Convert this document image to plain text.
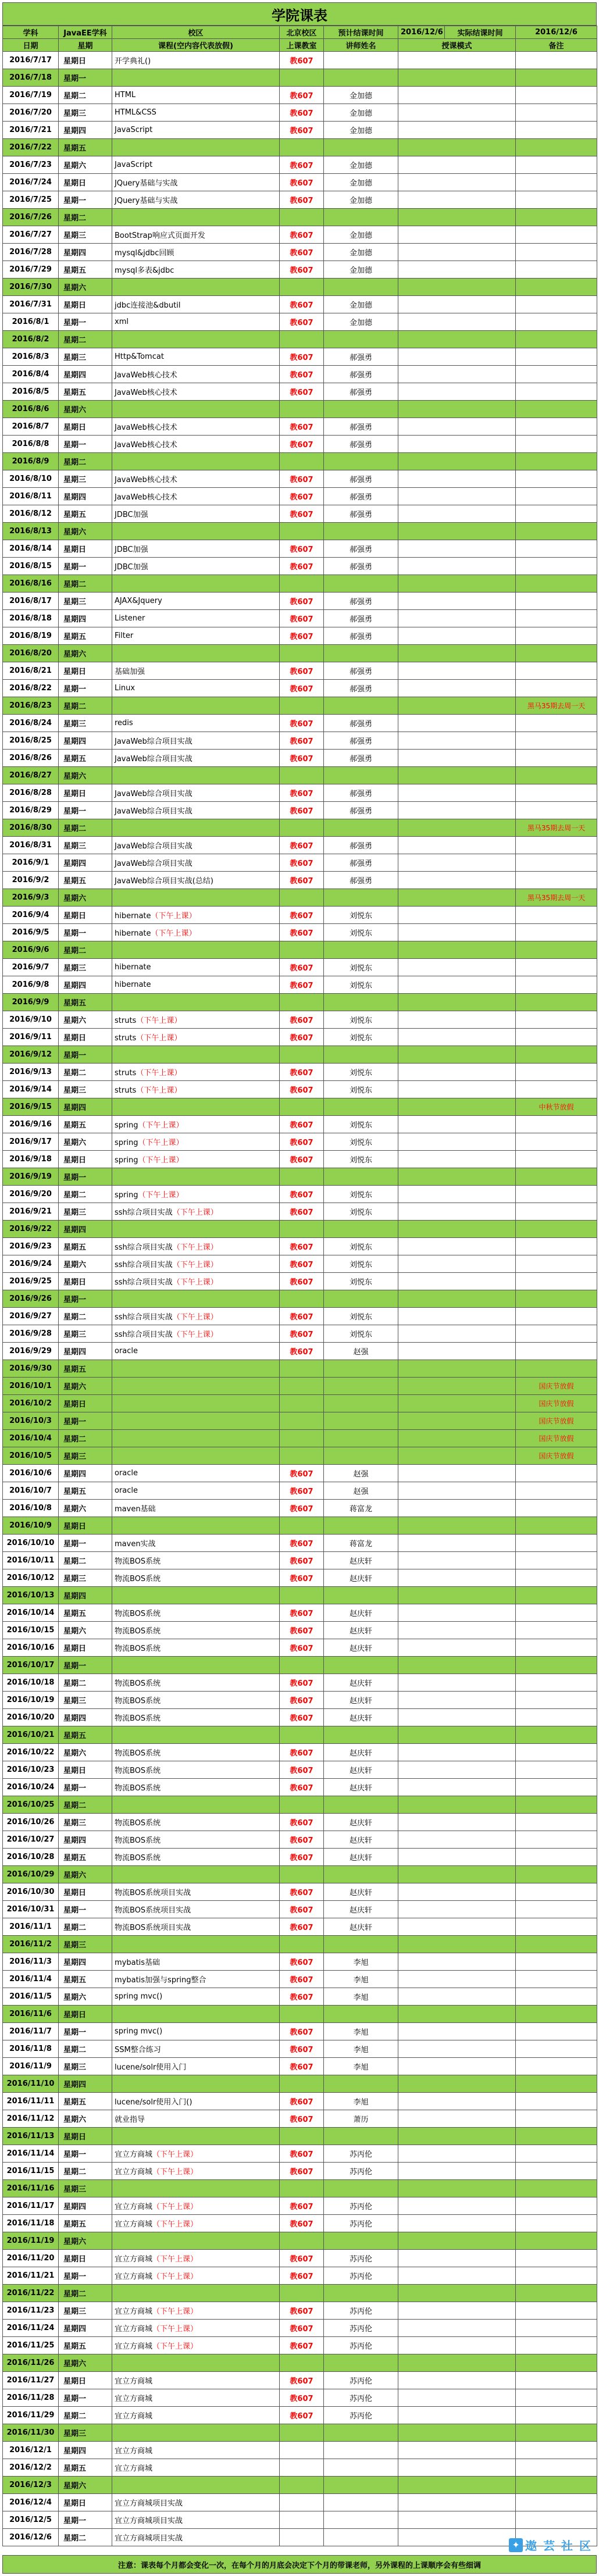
学院课表
学科	JavaEE学科	校区	北京校区	预计结课时间	2016/12/6	实际结课时间	2016/12/6
日期	星期	课程(空内容代表放假)	上课教室	讲师姓名	授课模式		备注
2016/7/17	星期日	开学典礼()	教607			
2016/7/18	星期一					
2016/7/19	星期二	HTML	教607	金加德		
2016/7/20	星期三	HTML&CSS	教607	金加德		
2016/7/21	星期四	JavaScript	教607	金加德		
2016/7/22	星期五					
2016/7/23	星期六	JavaScript	教607	金加德		
2016/7/24	星期日	JQuery基础与实战	教607	金加德		
2016/7/25	星期一	JQuery基础与实战	教607	金加德		
2016/7/26	星期二					
2016/7/27	星期三	BootStrap响应式页面开发	教607	金加德		
2016/7/28	星期四	mysql&jdbc回顾	教607	金加德		
2016/7/29	星期五	mysql多表&jdbc	教607	金加德		
2016/7/30	星期六					
2016/7/31	星期日	jdbc连接池&dbutil	教607	金加德		
2016/8/1	星期一	xml	教607	金加德		
2016/8/2	星期二					
2016/8/3	星期三	Http&Tomcat	教607	郝强勇		
2016/8/4	星期四	JavaWeb核心技术	教607	郝强勇		
2016/8/5	星期五	JavaWeb核心技术	教607	郝强勇		
2016/8/6	星期六					
2016/8/7	星期日	JavaWeb核心技术	教607	郝强勇		
2016/8/8	星期一	JavaWeb核心技术	教607	郝强勇		
2016/8/9	星期二					
2016/8/10	星期三	JavaWeb核心技术	教607	郝强勇		
2016/8/11	星期四	JavaWeb核心技术	教607	郝强勇		
2016/8/12	星期五	JDBC加强	教607	郝强勇		
2016/8/13	星期六					
2016/8/14	星期日	JDBC加强	教607	郝强勇		
2016/8/15	星期一	JDBC加强	教607	郝强勇		
2016/8/16	星期二					
2016/8/17	星期三	AJAX&Jquery	教607	郝强勇		
2016/8/18	星期四	Listener	教607	郝强勇		
2016/8/19	星期五	Filter	教607	郝强勇		
2016/8/20	星期六					
2016/8/21	星期日	基础加强	教607	郝强勇		
2016/8/22	星期一	Linux	教607	郝强勇		
2016/8/23	星期二					黑马35期去周一天
2016/8/24	星期三	redis	教607	郝强勇		
2016/8/25	星期四	JavaWeb综合项目实战	教607	郝强勇		
2016/8/26	星期五	JavaWeb综合项目实战	教607	郝强勇		
2016/8/27	星期六					
2016/8/28	星期日	JavaWeb综合项目实战	教607	郝强勇		
2016/8/29	星期一	JavaWeb综合项目实战	教607	郝强勇		
2016/8/30	星期二					黑马35期去周一天
2016/8/31	星期三	JavaWeb综合项目实战	教607	郝强勇		
2016/9/1	星期四	JavaWeb综合项目实战	教607	郝强勇		
2016/9/2	星期五	JavaWeb综合项目实战(总结)	教607	郝强勇		
2016/9/3	星期六					黑马35期去周一天
2016/9/4	星期日	hibernate（下午上课）	教607	刘悦东		
2016/9/5	星期一	hibernate（下午上课）	教607	刘悦东		
2016/9/6	星期二					
2016/9/7	星期三	hibernate	教607	刘悦东		
2016/9/8	星期四	hibernate	教607	刘悦东		
2016/9/9	星期五					
2016/9/10	星期六	struts（下午上课）	教607	刘悦东		
2016/9/11	星期日	struts（下午上课）	教607	刘悦东		
2016/9/12	星期一					
2016/9/13	星期二	struts（下午上课）	教607	刘悦东		
2016/9/14	星期三	struts（下午上课）	教607	刘悦东		
2016/9/15	星期四					中秋节放假
2016/9/16	星期五	spring（下午上课）	教607	刘悦东		
2016/9/17	星期六	spring（下午上课）	教607	刘悦东		
2016/9/18	星期日	spring（下午上课）	教607	刘悦东		
2016/9/19	星期一					
2016/9/20	星期二	spring（下午上课）	教607	刘悦东		
2016/9/21	星期三	ssh综合项目实战（下午上课）	教607	刘悦东		
2016/9/22	星期四					
2016/9/23	星期五	ssh综合项目实战（下午上课）	教607	刘悦东		
2016/9/24	星期六	ssh综合项目实战（下午上课）	教607	刘悦东		
2016/9/25	星期日	ssh综合项目实战（下午上课）	教607	刘悦东		
2016/9/26	星期一					
2016/9/27	星期二	ssh综合项目实战（下午上课）	教607	刘悦东		
2016/9/28	星期三	ssh综合项目实战（下午上课）	教607	刘悦东		
2016/9/29	星期四	oracle	教607	赵强		
2016/9/30	星期五					
2016/10/1	星期六					国庆节放假
2016/10/2	星期日					国庆节放假
2016/10/3	星期一					国庆节放假
2016/10/4	星期二					国庆节放假
2016/10/5	星期三					国庆节放假
2016/10/6	星期四	oracle	教607	赵强		
2016/10/7	星期五	oracle	教607	赵强		
2016/10/8	星期六	maven基础	教607	蒋富龙		
2016/10/9	星期日					
2016/10/10	星期一	maven实战	教607	蒋富龙		
2016/10/11	星期二	物流BOS系统	教607	赵庆轩		
2016/10/12	星期三	物流BOS系统	教607	赵庆轩		
2016/10/13	星期四					
2016/10/14	星期五	物流BOS系统	教607	赵庆轩		
2016/10/15	星期六	物流BOS系统	教607	赵庆轩		
2016/10/16	星期日	物流BOS系统	教607	赵庆轩		
2016/10/17	星期一					
2016/10/18	星期二	物流BOS系统	教607	赵庆轩		
2016/10/19	星期三	物流BOS系统	教607	赵庆轩		
2016/10/20	星期四	物流BOS系统	教607	赵庆轩		
2016/10/21	星期五					
2016/10/22	星期六	物流BOS系统	教607	赵庆轩		
2016/10/23	星期日	物流BOS系统	教607	赵庆轩		
2016/10/24	星期一	物流BOS系统	教607	赵庆轩		
2016/10/25	星期二					
2016/10/26	星期三	物流BOS系统	教607	赵庆轩		
2016/10/27	星期四	物流BOS系统	教607	赵庆轩		
2016/10/28	星期五	物流BOS系统	教607	赵庆轩		
2016/10/29	星期六					
2016/10/30	星期日	物流BOS系统项目实战	教607	赵庆轩		
2016/10/31	星期一	物流BOS系统项目实战	教607	赵庆轩		
2016/11/1	星期二	物流BOS系统项目实战	教607	赵庆轩		
2016/11/2	星期三					
2016/11/3	星期四	mybatis基础	教607	李旭		
2016/11/4	星期五	mybatis加强与spring整合	教607	李旭		
2016/11/5	星期六	spring mvc()	教607	李旭		
2016/11/6	星期日					
2016/11/7	星期一	spring mvc()	教607	李旭		
2016/11/8	星期二	SSM整合练习	教607	李旭		
2016/11/9	星期三	lucene/solr使用入门	教607	李旭		
2016/11/10	星期四					
2016/11/11	星期五	lucene/solr使用入门()	教607	李旭		
2016/11/12	星期六	就业指导	教607	萧历		
2016/11/13	星期日					
2016/11/14	星期一	宜立方商城（下午上课）	教607	苏丙伦		
2016/11/15	星期二	宜立方商城（下午上课）	教607	苏丙伦		
2016/11/16	星期三					
2016/11/17	星期四	宜立方商城（下午上课）	教607	苏丙伦		
2016/11/18	星期五	宜立方商城（下午上课）	教607	苏丙伦		
2016/11/19	星期六					
2016/11/20	星期日	宜立方商城（下午上课）	教607	苏丙伦		
2016/11/21	星期一	宜立方商城（下午上课）	教607	苏丙伦		
2016/11/22	星期二					
2016/11/23	星期三	宜立方商城（下午上课）	教607	苏丙伦		
2016/11/24	星期四	宜立方商城（下午上课）	教607	苏丙伦		
2016/11/25	星期五	宜立方商城（下午上课）	教607	苏丙伦		
2016/11/26	星期六					
2016/11/27	星期日	宜立方商城	教607	苏丙伦		
2016/11/28	星期一	宜立方商城	教607	苏丙伦		
2016/11/29	星期二	宜立方商城	教607	苏丙伦		
2016/11/30	星期三					
2016/12/1	星期四	宜立方商城				
2016/12/2	星期五	宜立方商城				
2016/12/3	星期六					
2016/12/4	星期日	宜立方商城项目实战				
2016/12/5	星期一	宜立方商城项目实战				
2016/12/6	星期二	宜立方商城项目实战				
✦ 遨 芸 社 区
注意：课表每个月都会变化一次，在每个月的月底会决定下个月的带课老师，另外课程的上课顺序会有些细调
